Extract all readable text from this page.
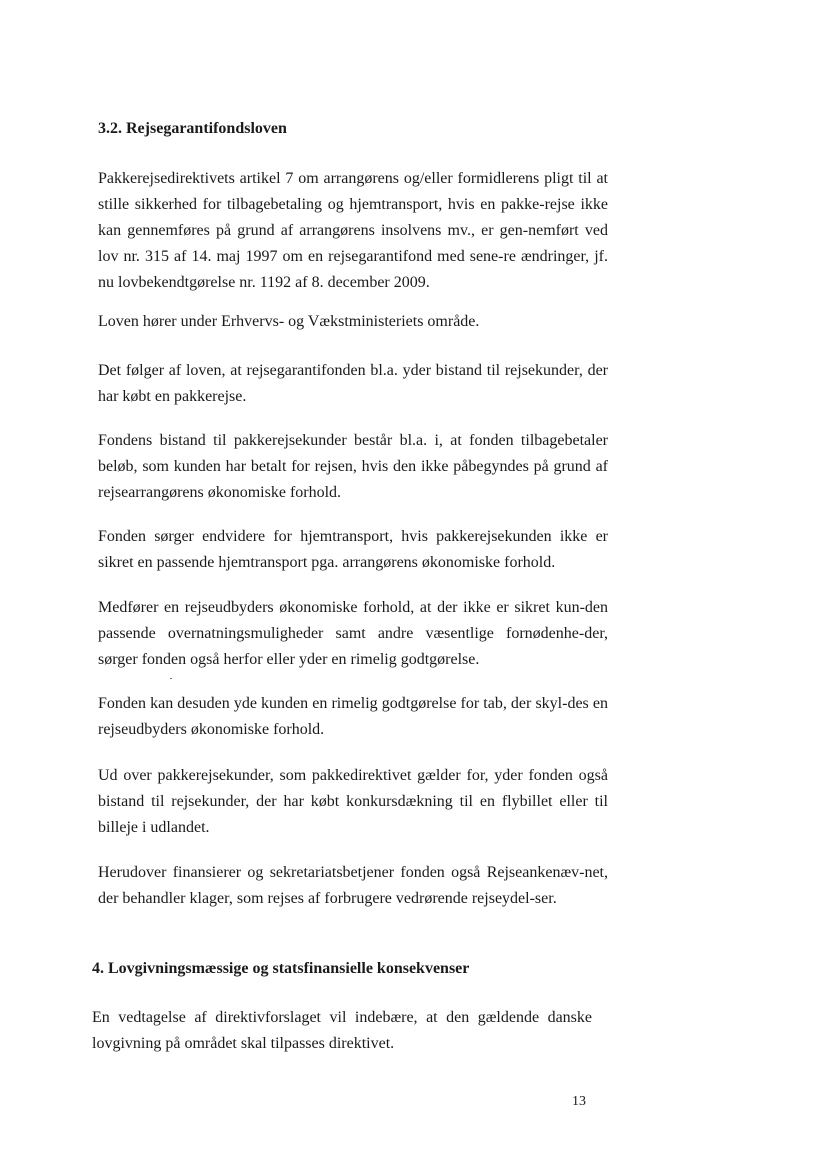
3.2. Rejsegarantifondsloven

Pakkerejsedirektivets artikel 7 om arrangørens og/eller formidlerens pligt til at stille sikkerhed for tilbagebetaling og hjemtransport, hvis en pakke-rejse ikke kan gennemføres på grund af arrangørens insolvens mv., er gen-nemført ved lov nr. 315 af 14. maj 1997 om en rejsegarantifond med sene-re ændringer, jf. nu lovbekendtgørelse nr. 1192 af 8. december 2009.

Loven hører under Erhvervs- og Vækstministeriets område.

Det følger af loven, at rejsegarantifonden bl.a. yder bistand til rejsekunder, der har købt en pakkerejse.

Fondens bistand til pakkerejsekunder består bl.a. i, at fonden tilbagebetaler beløb, som kunden har betalt for rejsen, hvis den ikke påbegyndes på grund af rejsearrangørens økonomiske forhold.

Fonden sørger endvidere for hjemtransport, hvis pakkerejsekunden ikke er sikret en passende hjemtransport pga. arrangørens økonomiske forhold.

Medfører en rejseudbyders økonomiske forhold, at der ikke er sikret kun-den passende overnatningsmuligheder samt andre væsentlige fornødenhe-der, sørger fonden også herfor eller yder en rimelig godtgørelse.

Fonden kan desuden yde kunden en rimelig godtgørelse for tab, der skyl-des en rejseudbyders økonomiske forhold.

Ud over pakkerejsekunder, som pakkedirektivet gælder for, yder fonden også bistand til rejsekunder, der har købt konkursdækning til en flybillet eller til billeje i udlandet.

Herudover finansierer og sekretariatsbetjener fonden også Rejseankenæv-net, der behandler klager, som rejses af forbrugere vedrørende rejseydel-ser.

4. Lovgivningsmæssige og statsfinansielle konsekvenser

En vedtagelse af direktivforslaget vil indebære, at den gældende danske lovgivning på området skal tilpasses direktivet.

13
